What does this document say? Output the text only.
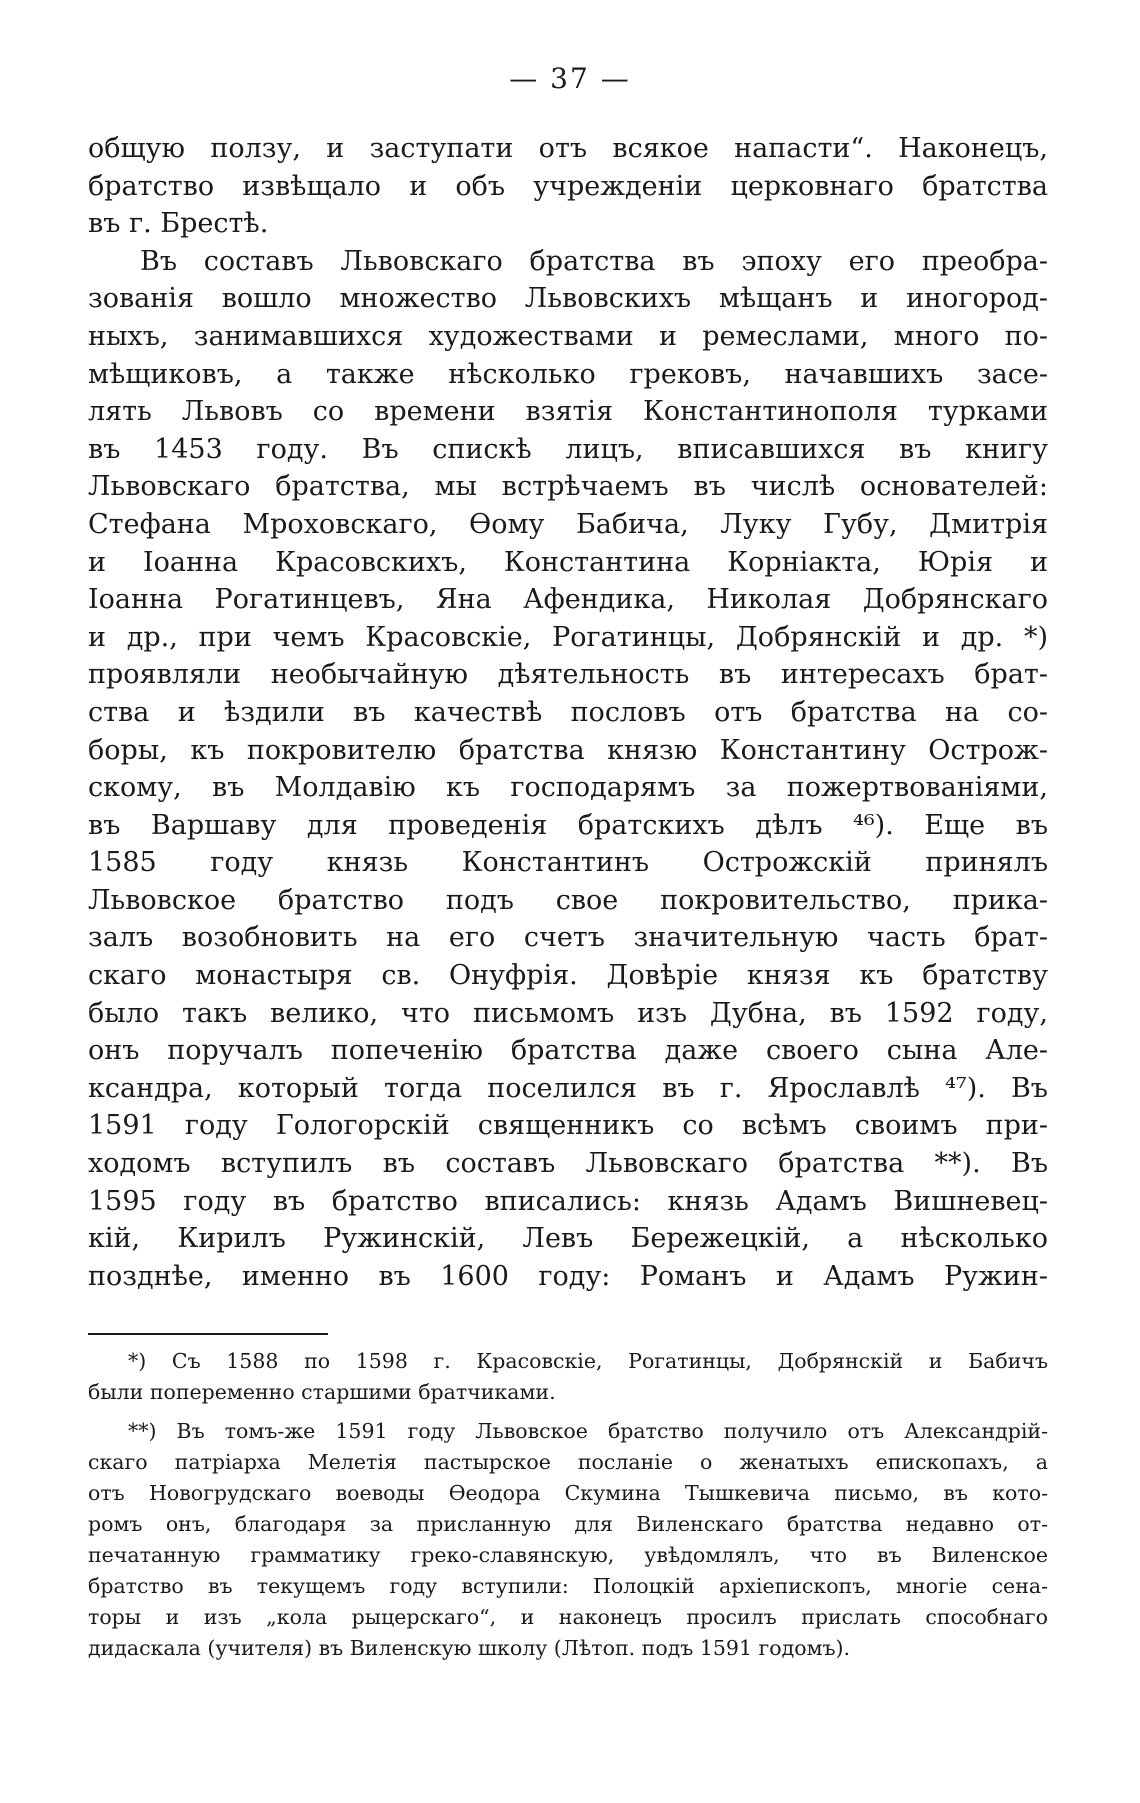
— 37 —
общую ползу, и заступати отъ всякое напасти“. Наконецъ,
братство извѣщало и объ учрежденіи церковнаго братства
въ г. Брестѣ.
Въ составъ Львовскаго братства въ эпоху его преобра-
зованія вошло множество Львовскихъ мѣщанъ и иногород-
ныхъ, занимавшихся художествами и ремеслами, много по-
мѣщиковъ, а также нѣсколько грековъ, начавшихъ засе-
лять Львовъ со времени взятія Константинополя турками
въ 1453 году. Въ спискѣ лицъ, вписавшихся въ книгу
Львовскаго братства, мы встрѣчаемъ въ числѣ основателей:
Стефана Мроховскаго, Ѳому Бабича, Луку Губу, Дмитрія
и Іоанна Красовскихъ, Константина Корніакта, Юрія и
Іоанна Рогатинцевъ, Яна Афендика, Николая Добрянскаго
и др., при чемъ Красовскіе, Рогатинцы, Добрянскій и др. *)
проявляли необычайную дѣятельность въ интересахъ брат-
ства и ѣздили въ качествѣ пословъ отъ братства на со-
боры, къ покровителю братства князю Константину Острож-
скому, въ Молдавію къ господарямъ за пожертвованіями,
въ Варшаву для проведенія братскихъ дѣлъ ⁴⁶). Еще въ
1585 году князь Константинъ Острожскій принялъ
Львовское братство подъ свое покровительство, прика-
залъ возобновить на его счетъ значительную часть брат-
скаго монастыря св. Онуфрія. Довѣріе князя къ братству
было такъ велико, что письмомъ изъ Дубна, въ 1592 году,
онъ поручалъ попеченію братства даже своего сына Але-
ксандра, который тогда поселился въ г. Ярославлѣ ⁴⁷). Въ
1591 году Гологорскій священникъ со всѣмъ своимъ при-
ходомъ вступилъ въ составъ Львовскаго братства **). Въ
1595 году въ братство вписались: князь Адамъ Вишневец-
кій, Кирилъ Ружинскій, Левъ Бережецкій, а нѣсколько
позднѣе, именно въ 1600 году: Романъ и Адамъ Ружин-
*) Съ 1588 по 1598 г. Красовскіе, Рогатинцы, Добрянскій и Бабичъ
были попеременно старшими братчиками.
**) Въ томъ-же 1591 году Львовское братство получило отъ Александрій-
скаго патріарха Мелетія пастырское посланіе о женатыхъ епископахъ, а
отъ Новогрудскаго воеводы Ѳеодора Скумина Тышкевича письмо, въ кото-
ромъ онъ, благодаря за присланную для Виленскаго братства недавно от-
печатанную грамматику греко-славянскую, увѣдомлялъ, что въ Виленское
братство въ текущемъ году вступили: Полоцкій архіепископъ, многіе сена-
торы и изъ „кола рыцерскаго“, и наконецъ просилъ прислать способнаго
дидаскала (учителя) въ Виленскую школу (Лѣтоп. подъ 1591 годомъ).
